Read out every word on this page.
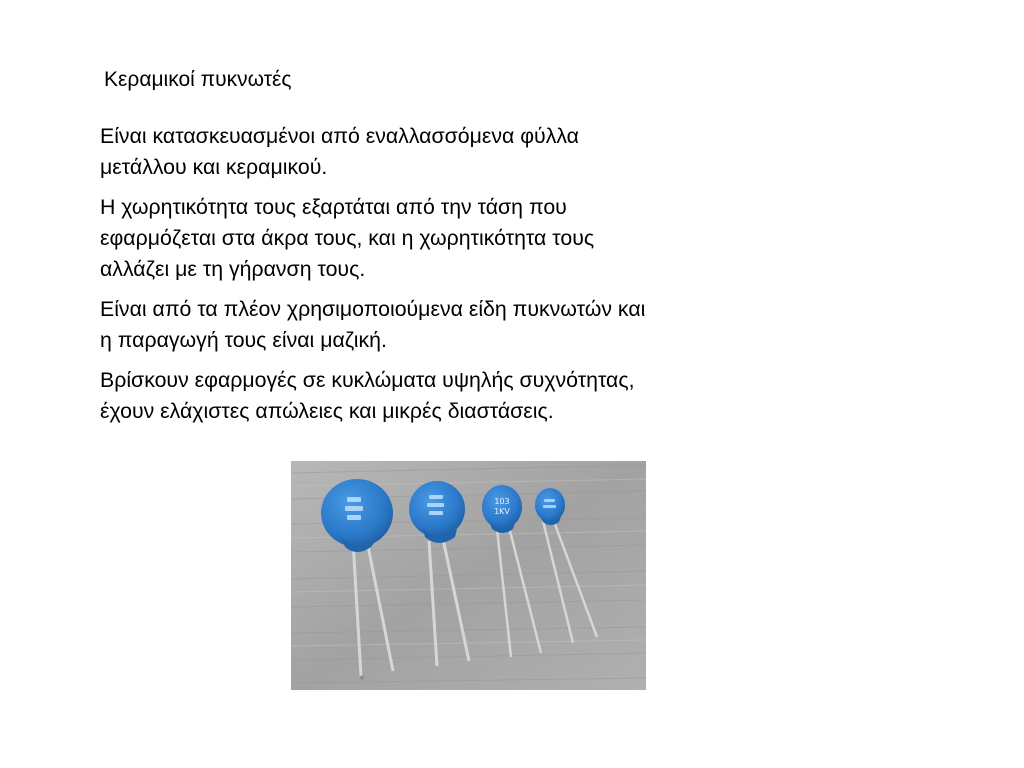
Κεραμικοί πυκνωτές

Είναι κατασκευασμένοι από εναλλασσόμενα φύλλα
μετάλλου και κεραμικού.

Η χωρητικότητα τους εξαρτάται από την τάση που
εφαρμόζεται στα άκρα τους, και η χωρητικότητα τους
αλλάζει με τη γήρανση τους.

Είναι από τα πλέον χρησιμοποιούμενα είδη πυκνωτών και
η παραγωγή τους είναι μαζική.

Βρίσκουν εφαρμογές σε κυκλώματα υψηλής συχνότητας,
έχουν ελάχιστες απώλειες και μικρές διαστάσεις.

103
1KV
